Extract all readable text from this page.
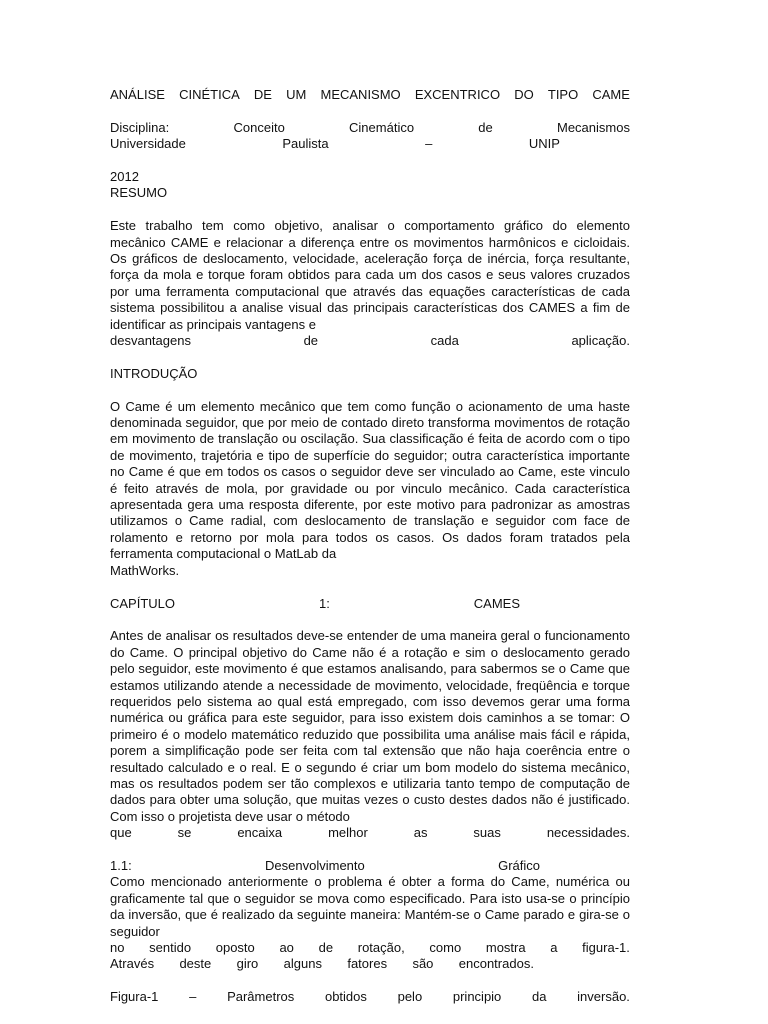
ANÁLISE CINÉTICA DE UM MECANISMO EXCENTRICO DO TIPO CAME

Disciplina:	Conceito	Cinemático	de	Mecanismos

Universidade	Paulista	–	UNIP

2012

RESUMO

Este trabalho tem como objetivo, analisar o comportamento gráfico do elemento mecânico CAME e relacionar a diferença entre os movimentos harmônicos e cicloidais. Os gráficos de deslocamento, velocidade, aceleração força de inércia, força resultante, força da mola e torque foram obtidos para cada um dos casos e seus valores cruzados por uma ferramenta computacional que através das equações características de cada sistema possibilitou a analise visual das principais características dos CAMES a fim de identificar as principais vantagens e

desvantagens	de	cada	aplicação.

INTRODUÇÃO

O Came é um elemento mecânico que tem como função o acionamento de uma haste denominada seguidor, que por meio de contado direto transforma movimentos de rotação em movimento de translação ou oscilação. Sua classificação é feita de acordo com o tipo de movimento, trajetória e tipo de superfície do seguidor; outra característica importante no Came é que em todos os casos o seguidor deve ser vinculado ao Came, este vinculo é feito através de mola, por gravidade ou por vinculo mecânico. Cada característica apresentada gera uma resposta diferente, por este motivo para padronizar as amostras utilizamos o Came radial, com deslocamento de translação e seguidor com face de rolamento e retorno por mola para todos os casos. Os dados foram tratados pela ferramenta computacional o MatLab da

MathWorks.

CAPÍTULO	1:	CAMES

Antes de analisar os resultados deve-se entender de uma maneira geral o funcionamento do Came. O principal objetivo do Came não é a rotação e sim o deslocamento gerado pelo seguidor, este movimento é que estamos analisando, para sabermos se o Came que estamos utilizando atende a necessidade de movimento, velocidade, freqüência e torque requeridos pelo sistema ao qual está empregado, com isso devemos gerar uma forma numérica ou gráfica para este seguidor, para isso existem dois caminhos a se tomar: O primeiro é o modelo matemático reduzido que possibilita uma análise mais fácil e rápida, porem a simplificação pode ser feita com tal extensão que não haja coerência entre o resultado calculado e o real. E o segundo é criar um bom modelo do sistema mecânico, mas os resultados podem ser tão complexos e utilizaria tanto tempo de computação de dados para obter uma solução, que muitas vezes o custo destes dados não é justificado. Com isso o projetista deve usar o método

que	se	encaixa	melhor	as	suas	necessidades.

1.1:	Desenvolvimento	Gráfico

Como mencionado anteriormente o problema é obter a forma do Came, numérica ou graficamente tal que o seguidor se mova como especificado. Para isto usa-se o princípio da inversão, que é realizado da seguinte maneira: Mantém-se o Came parado e gira-se o seguidor

no sentido oposto ao de rotação, como mostra a figura-1.

Através deste giro alguns fatores são encontrados.

Figura-1 – Parâmetros obtidos pelo principio da inversão.
